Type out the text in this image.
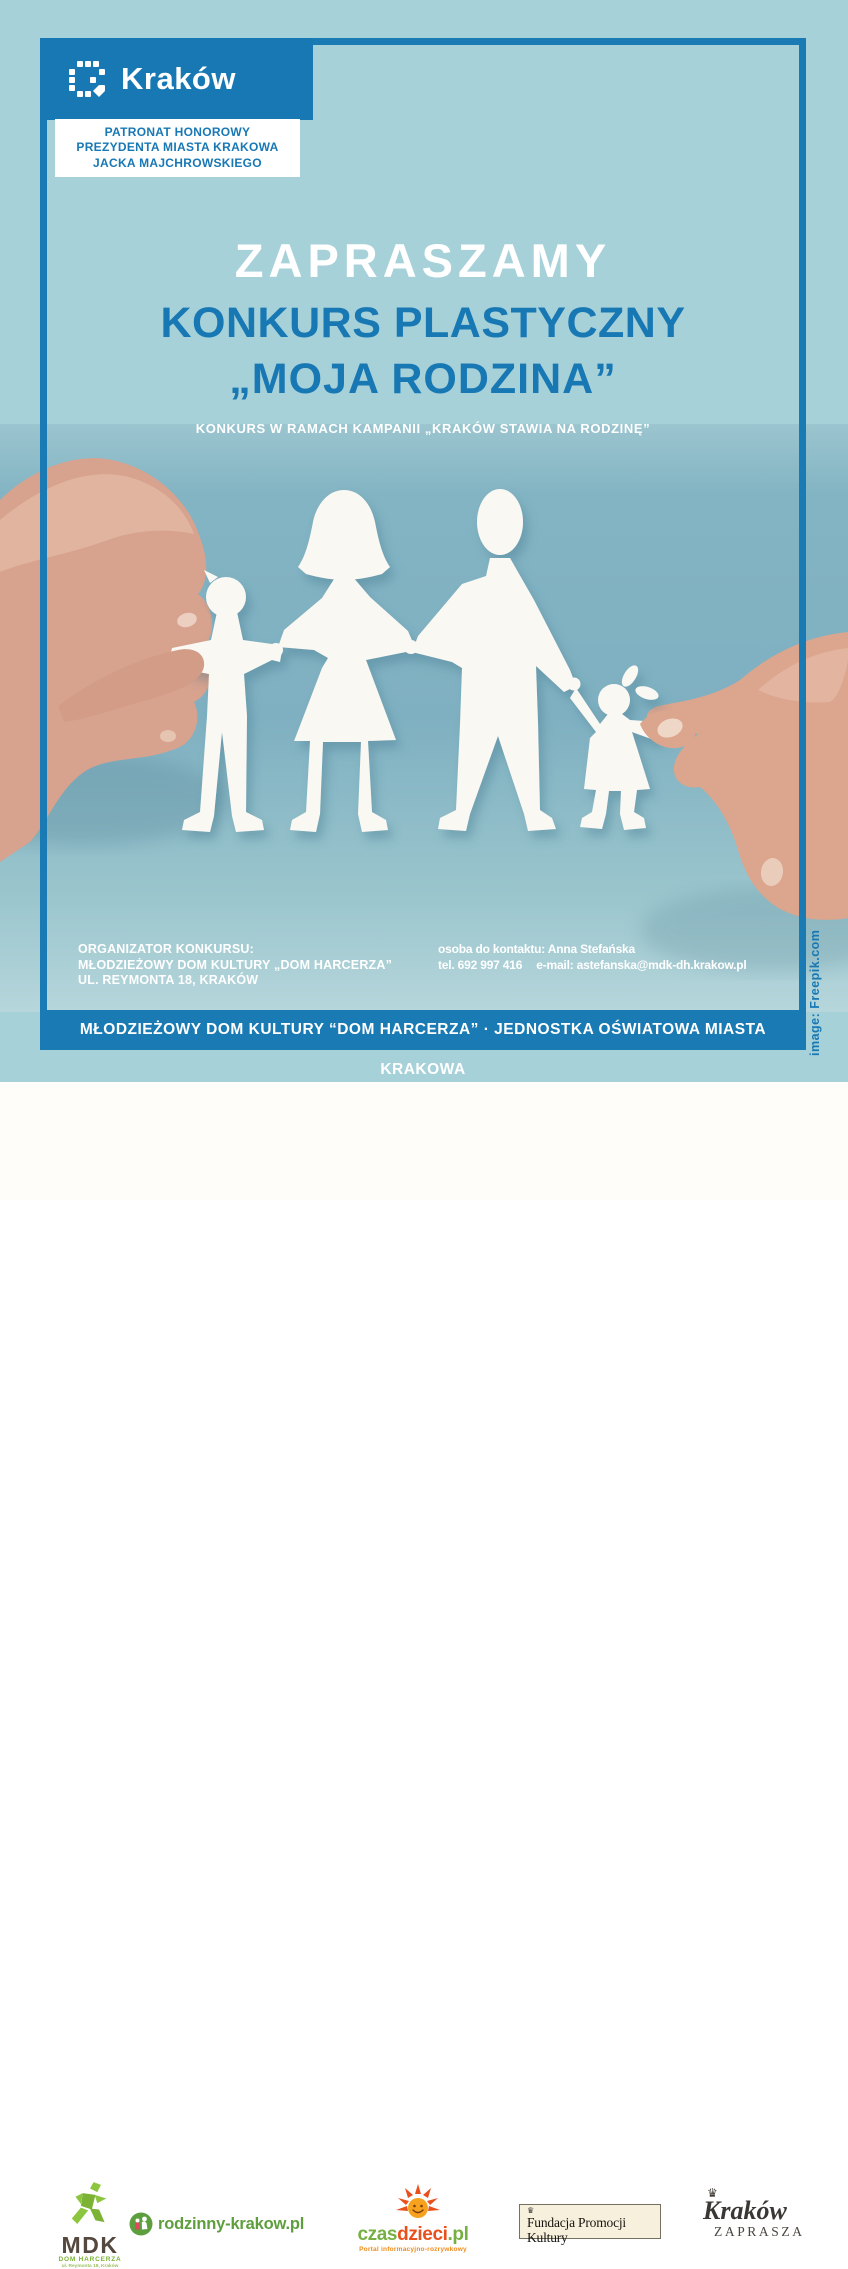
MŁODZIEŻOWY DOM KULTURY “DOM HARCERZA” · JEDNOSTKA OŚWIATOWA MIASTA KRAKOWA
Kraków
PATRONAT HONOROWY
PREZYDENTA MIASTA KRAKOWA
JACKA MAJCHROWSKIEGO
ZAPRASZAMY
KONKURS PLASTYCZNY
„MOJA RODZINA”
KONKURS W RAMACH KAMPANII „KRAKÓW STAWIA NA RODZINĘ”
ORGANIZATOR KONKURSU:
MŁODZIEŻOWY DOM KULTURY „DOM HARCERZA”
UL. REYMONTA 18, KRAKÓW
osoba do kontaktu: Anna Stefańska
tel. 692 997 416 e-mail: astefanska@mdk-dh.krakow.pl	image: Freepik.com
MDK
DOM HARCERZA
ul. Reymonta 18, Kraków
rodzinny-krakow.pl
czasdzieci.pl
Portal informacyjno-rozrywkowy
♛
Fundacja Promocji Kultury
♛
Kraków
ZAPRASZA
